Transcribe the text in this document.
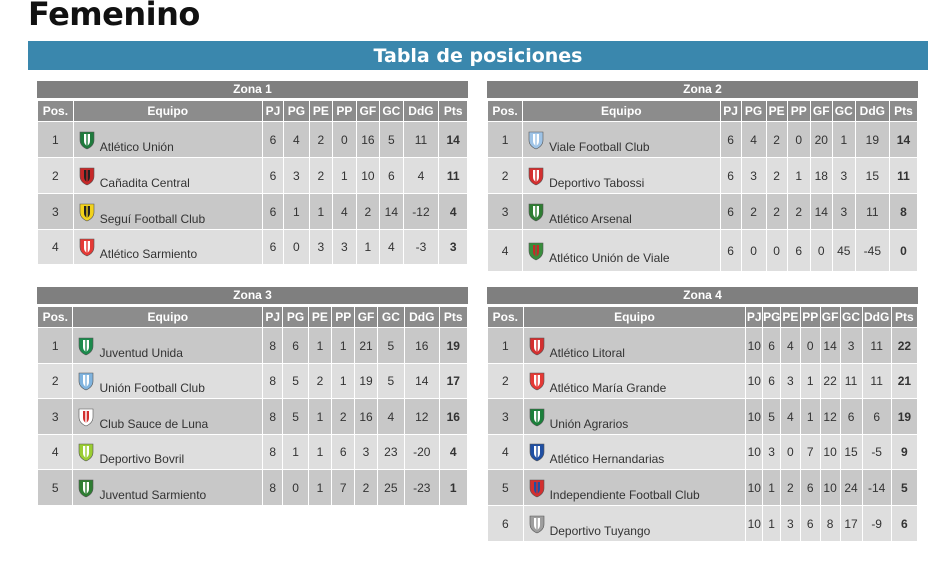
Femenino
Tabla de posiciones
Zona 1
Pos.	Equipo	PJ	PG	PE	PP	GF	GC	DdG	Pts
1	Atlético Unión	6	4	2	0	16	5	11	14
2	Cañadita Central	6	3	2	1	10	6	4	11
3	Seguí Football Club	6	1	1	4	2	14	-12	4
4	Atlético Sarmiento	6	0	3	3	1	4	-3	3
Zona 2
Pos.	Equipo	PJ	PG	PE	PP	GF	GC	DdG	Pts
1	Viale Football Club	6	4	2	0	20	1	19	14
2	Deportivo Tabossi	6	3	2	1	18	3	15	11
3	Atlético Arsenal	6	2	2	2	14	3	11	8
4	Atlético Unión de Viale	6	0	0	6	0	45	-45	0
Zona 3
Pos.	Equipo	PJ	PG	PE	PP	GF	GC	DdG	Pts
1	Juventud Unida	8	6	1	1	21	5	16	19
2	Unión Football Club	8	5	2	1	19	5	14	17
3	Club Sauce de Luna	8	5	1	2	16	4	12	16
4	Deportivo Bovril	8	1	1	6	3	23	-20	4
5	Juventud Sarmiento	8	0	1	7	2	25	-23	1
Zona 4
Pos.	Equipo	PJ	PG	PE	PP	GF	GC	DdG	Pts
1	Atlético Litoral	10	6	4	0	14	3	11	22
2	Atlético María Grande	10	6	3	1	22	11	11	21
3	Unión Agrarios	10	5	4	1	12	6	6	19
4	Atlético Hernandarias	10	3	0	7	10	15	-5	9
5	Independiente Football Club	10	1	2	6	10	24	-14	5
6	Deportivo Tuyango	10	1	3	6	8	17	-9	6
